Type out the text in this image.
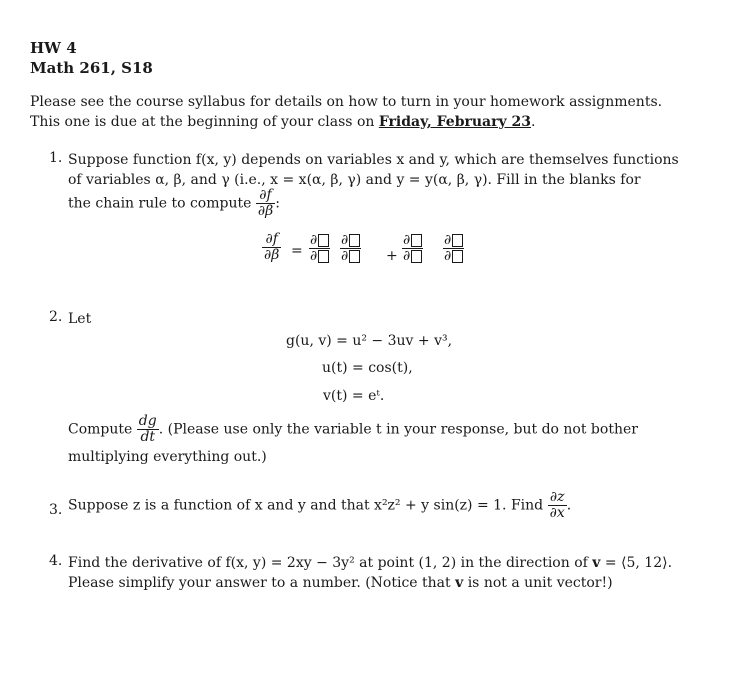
HW 4
Math 261, S18
Please see the course syllabus for details on how to turn in your homework assignments.
This one is due at the beginning of your class on Friday, February 23.
1. Suppose function f(x, y) depends on variables x and y, which are themselves functions
of variables α, β, and γ (i.e., x = x(α, β, γ) and y = y(α, β, γ). Fill in the blanks for
the chain rule to compute $\frac{\partial f}{\partial\beta}$ :
$\frac{\partial f}{\partial\beta}$ =
∂
∂
∂
∂	+
∂
∂
∂
∂
2. Let
g(u, v) = u² − 3uv + v³,
u(t) = cos(t),
v(t) = eᵗ.
Compute $\frac{dg}{dt}$ . (Please use only the variable t in your response, but do not bother
multiplying everything out.)
3. Suppose z is a function of x and y and that x²z² + y sin(z) = 1. Find $\frac{\partial z}{\partial x}$ .
4. Find the derivative of f(x, y) = 2xy − 3y² at point (1, 2) in the direction of v = ⟨5, 12⟩.
Please simplify your answer to a number. (Notice that v is not a unit vector!)
